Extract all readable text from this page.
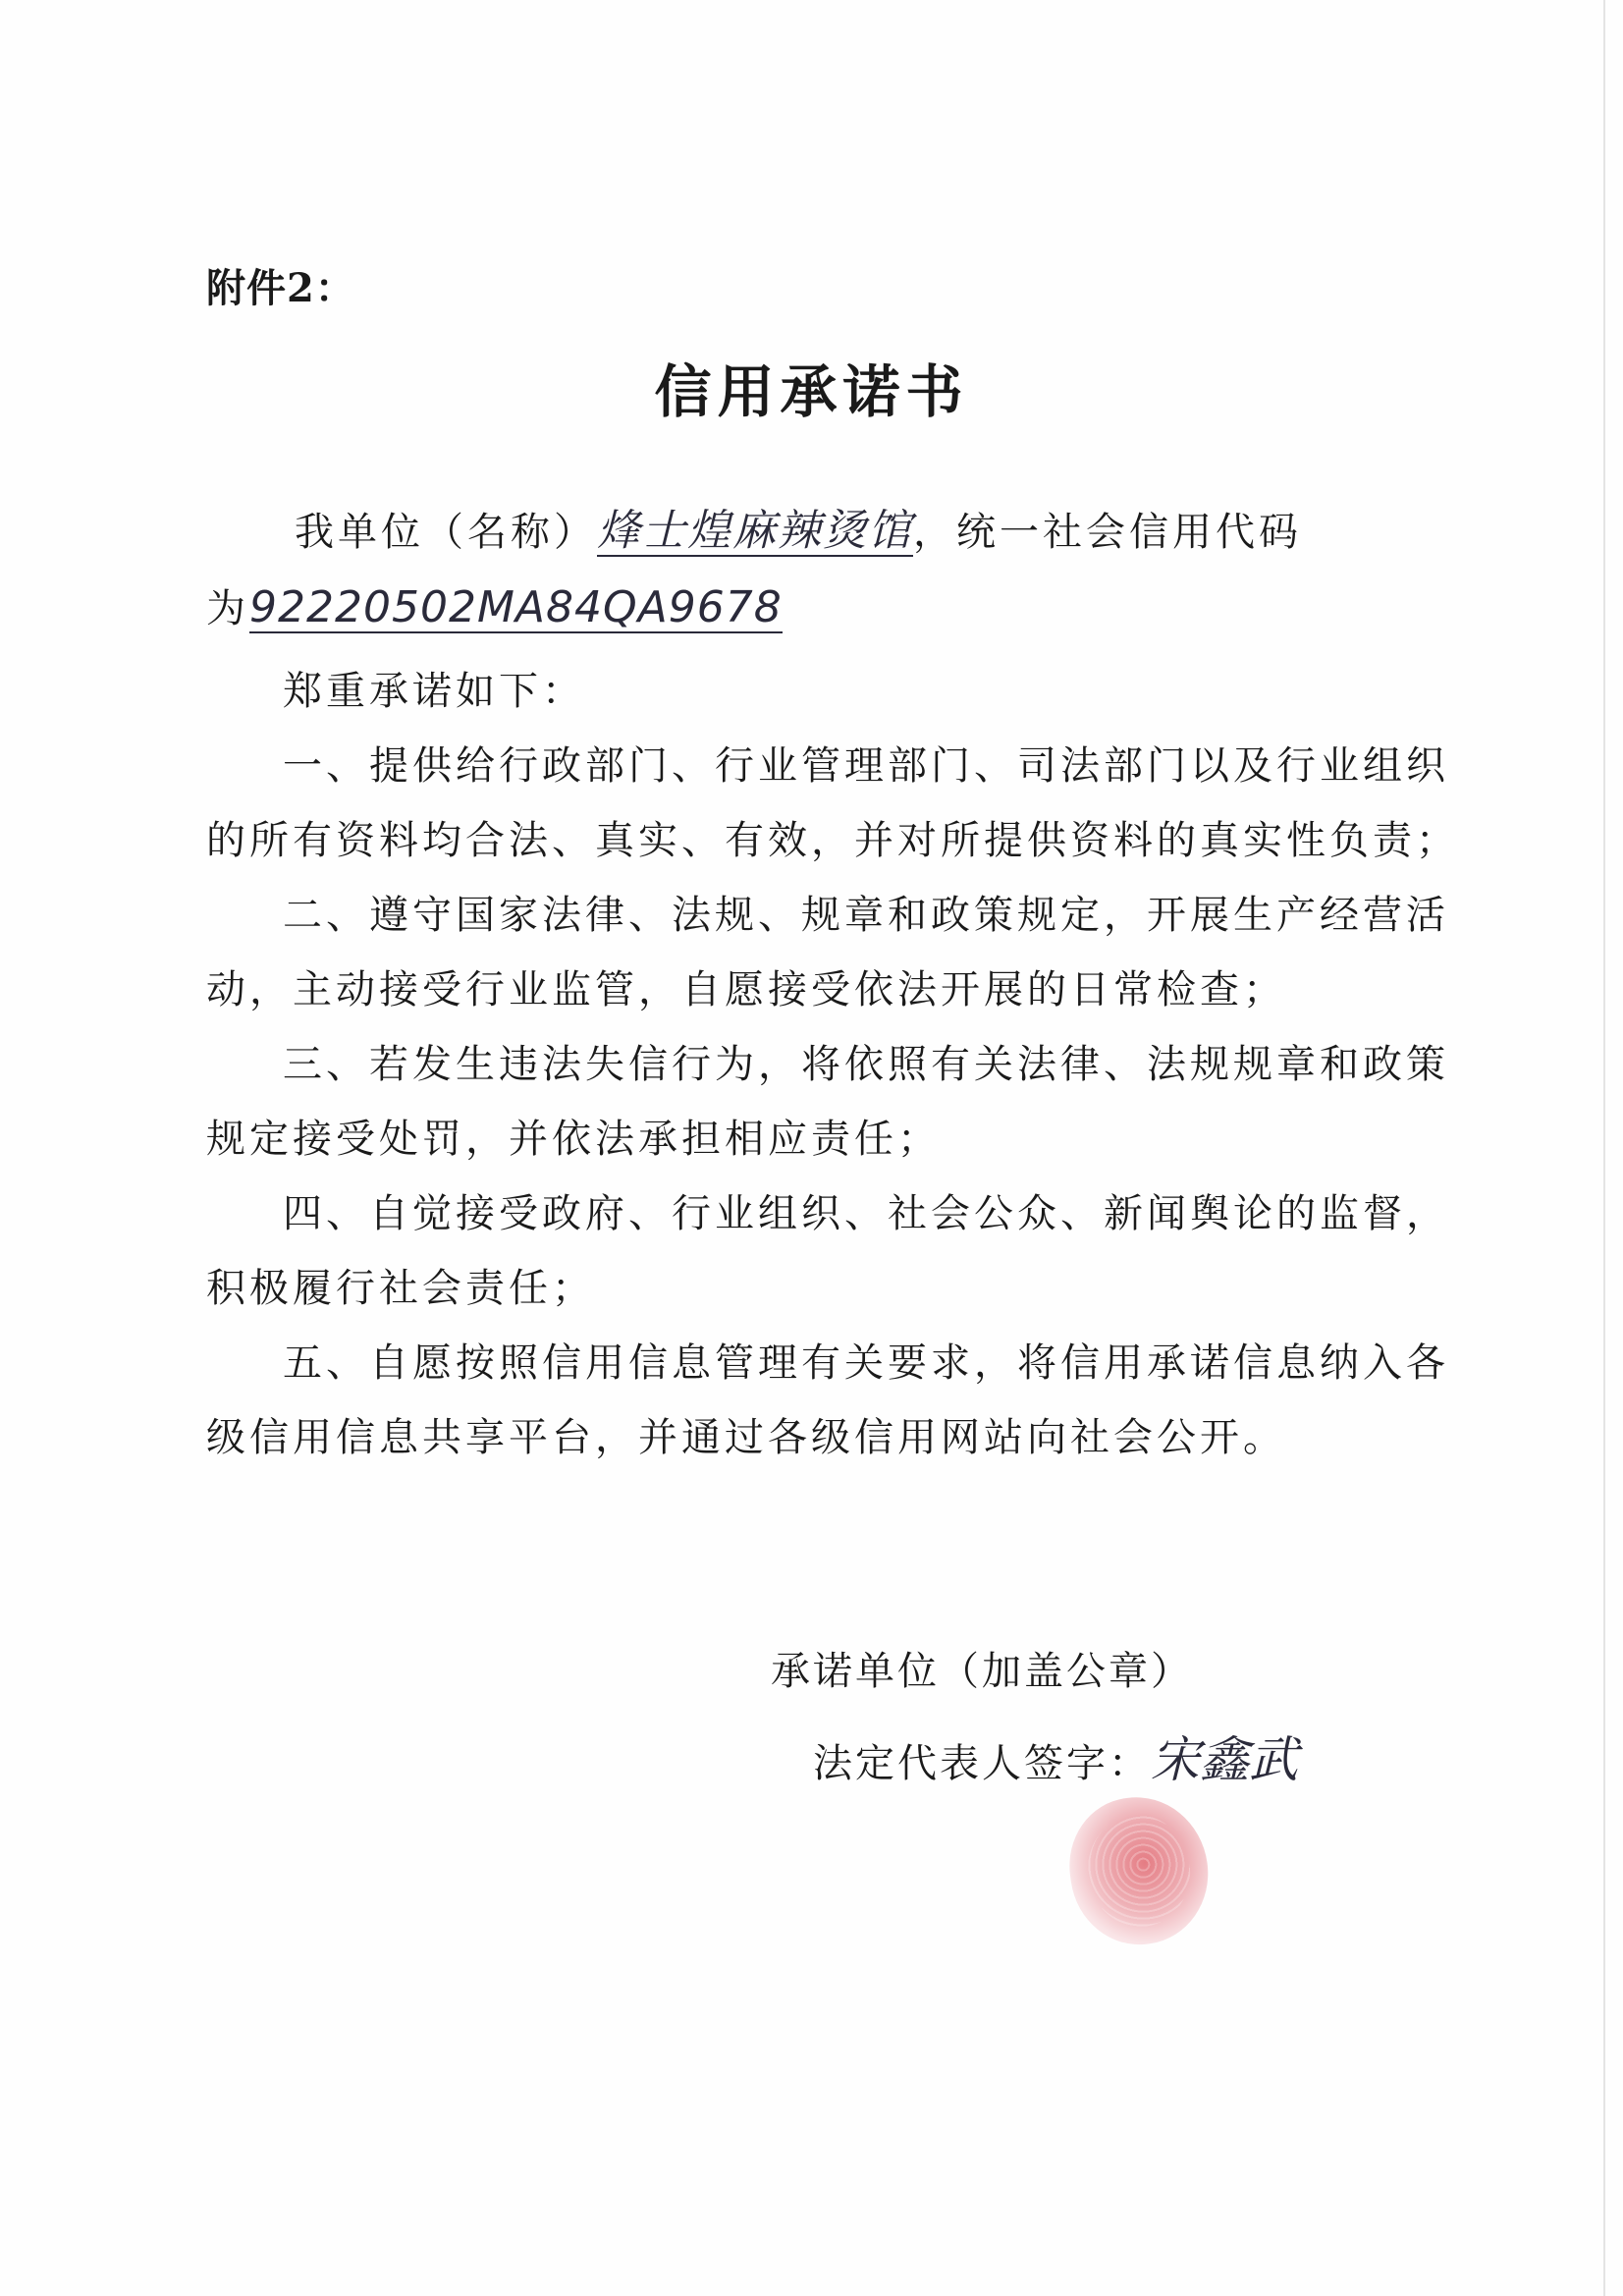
附件2：
信用承诺书
我单位（名称）烽士煌麻辣烫馆，统一社会信用代码
为92220502MA84QA9678
郑重承诺如下：
一、提供给行政部门、行业管理部门、司法部门以及行业组织
的所有资料均合法、真实、有效，并对所提供资料的真实性负责；
二、遵守国家法律、法规、规章和政策规定，开展生产经营活
动，主动接受行业监管，自愿接受依法开展的日常检查；
三、若发生违法失信行为，将依照有关法律、法规规章和政策
规定接受处罚，并依法承担相应责任；
四、自觉接受政府、行业组织、社会公众、新闻舆论的监督，
积极履行社会责任；
五、自愿按照信用信息管理有关要求，将信用承诺信息纳入各
级信用信息共享平台，并通过各级信用网站向社会公开。
承诺单位（加盖公章）
法定代表人签字：宋鑫武
